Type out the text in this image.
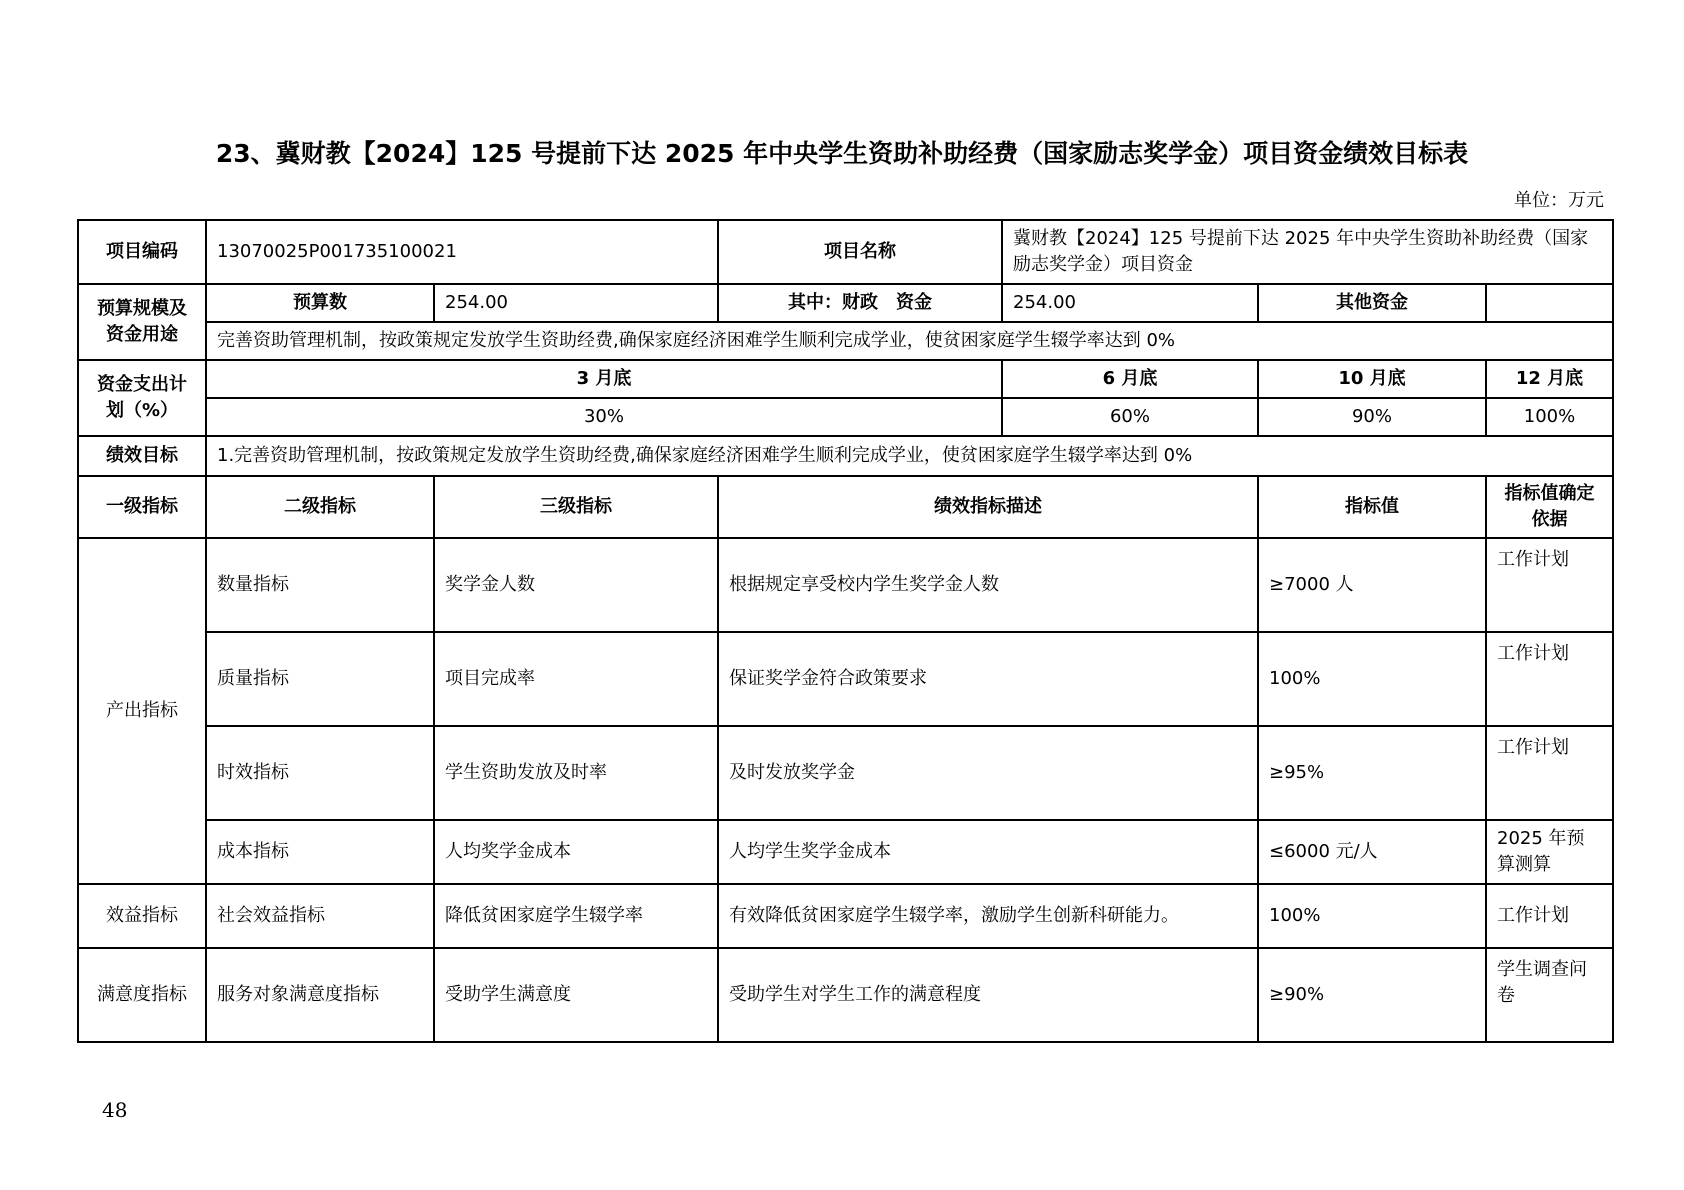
23、冀财教【2024】125 号提前下达 2025 年中央学生资助补助经费（国家励志奖学金）项目资金绩效目标表
单位：万元
项目编码	13070025P001735100021		项目名称	冀财教【2024】125 号提前下达 2025 年中央学生资助补助经费（国家励志奖学金）项目资金		
预算规模及资金用途	预算数	254.00	其中：财政　资金	254.00	其他资金	
	完善资助管理机制，按政策规定发放学生资助经费,确保家庭经济困难学生顺利完成学业，使贫困家庭学生辍学率达到 0%					
资金支出计划（%）	3 月底			6 月底	10 月底	12 月底
	30%			60%	90%	100%
绩效目标	1.完善资助管理机制，按政策规定发放学生资助经费,确保家庭经济困难学生顺利完成学业，使贫困家庭学生辍学率达到 0%					
一级指标	二级指标	三级指标	绩效指标描述		指标值	指标值确定依据
产出指标	数量指标	奖学金人数	根据规定享受校内学生奖学金人数		≥7000 人	工作计划
	质量指标	项目完成率	保证奖学金符合政策要求		100%	工作计划
	时效指标	学生资助发放及时率	及时发放奖学金		≥95%	工作计划
	成本指标	人均奖学金成本	人均学生奖学金成本		≤6000 元/人	2025 年预算测算
效益指标	社会效益指标	降低贫困家庭学生辍学率	有效降低贫困家庭学生辍学率，激励学生创新科研能力。		100%	工作计划
满意度指标	服务对象满意度指标	受助学生满意度	受助学生对学生工作的满意程度		≥90%	学生调查问卷
48
